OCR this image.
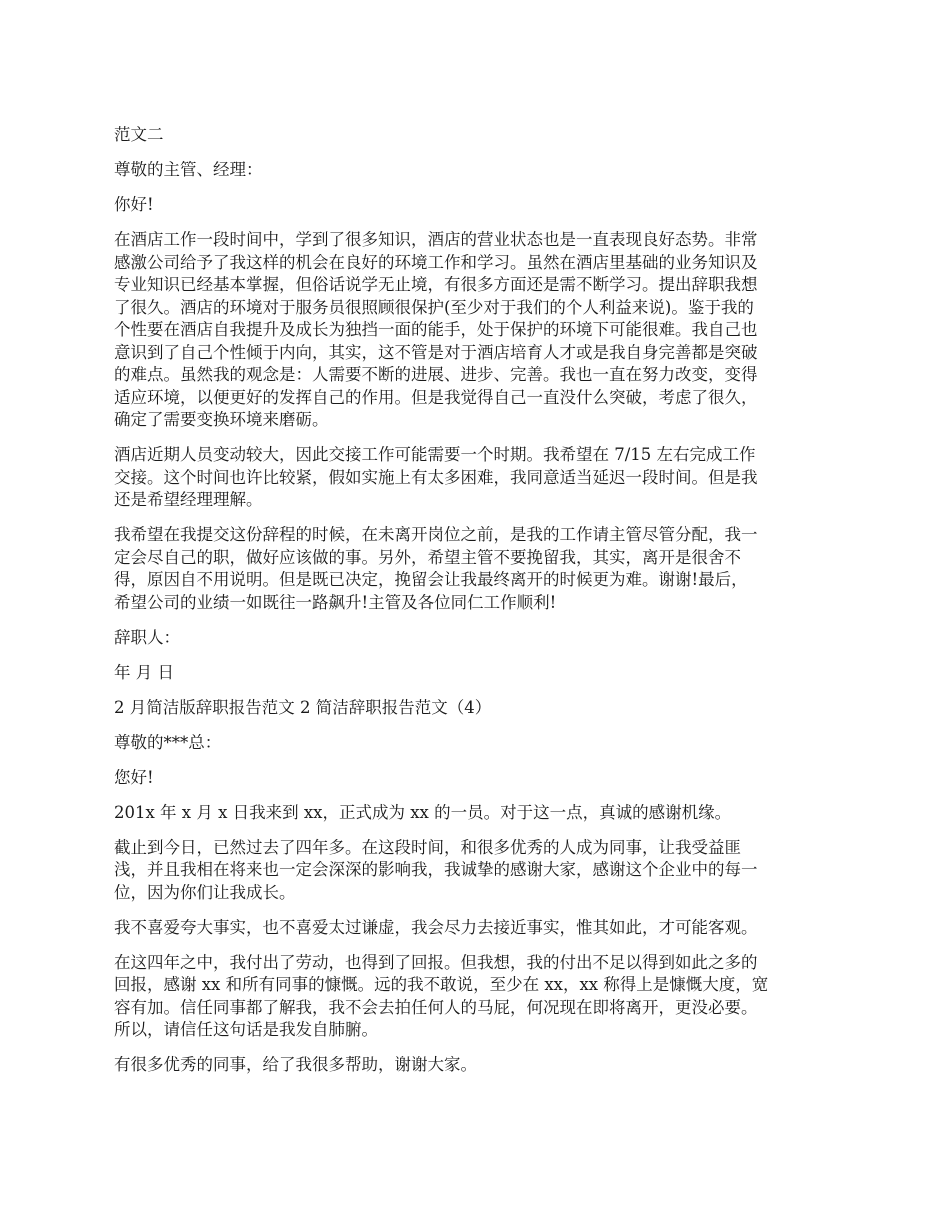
范文二

尊敬的主管、经理：

你好!

在酒店工作一段时间中，学到了很多知识，酒店的营业状态也是一直表现良好态势。非常
感激公司给予了我这样的机会在良好的环境工作和学习。虽然在酒店里基础的业务知识及
专业知识已经基本掌握，但俗话说学无止境，有很多方面还是需不断学习。提出辞职我想
了很久。酒店的环境对于服务员很照顾很保护(至少对于我们的个人利益来说)。鉴于我的
个性要在酒店自我提升及成长为独挡一面的能手，处于保护的环境下可能很难。我自己也
意识到了自己个性倾于内向，其实，这不管是对于酒店培育人才或是我自身完善都是突破
的难点。虽然我的观念是：人需要不断的进展、进步、完善。我也一直在努力改变，变得
适应环境，以便更好的发挥自己的作用。但是我觉得自己一直没什么突破，考虑了很久，
确定了需要变换环境来磨砺。

酒店近期人员变动较大，因此交接工作可能需要一个时期。我希望在 7/15 左右完成工作
交接。这个时间也许比较紧，假如实施上有太多困难，我同意适当延迟一段时间。但是我
还是希望经理理解。

我希望在我提交这份辞程的时候，在未离开岗位之前，是我的工作请主管尽管分配，我一
定会尽自己的职，做好应该做的事。另外，希望主管不要挽留我，其实，离开是很舍不
得，原因自不用说明。但是既已决定，挽留会让我最终离开的时候更为难。谢谢!最后，
希望公司的业绩一如既往一路飙升!主管及各位同仁工作顺利!

辞职人：

年 月 日

2 月简洁版辞职报告范文 2 简洁辞职报告范文（4）

尊敬的***总：

您好!

201x 年 x 月 x 日我来到 xx，正式成为 xx 的一员。对于这一点，真诚的感谢机缘。

截止到今日，已然过去了四年多。在这段时间，和很多优秀的人成为同事，让我受益匪
浅，并且我相在将来也一定会深深的影响我，我诚挚的感谢大家，感谢这个企业中的每一
位，因为你们让我成长。

我不喜爱夸大事实，也不喜爱太过谦虚，我会尽力去接近事实，惟其如此，才可能客观。

在这四年之中，我付出了劳动，也得到了回报。但我想，我的付出不足以得到如此之多的
回报，感谢 xx 和所有同事的慷慨。远的我不敢说，至少在 xx，xx 称得上是慷慨大度，宽
容有加。信任同事都了解我，我不会去拍任何人的马屁，何况现在即将离开，更没必要。
所以，请信任这句话是我发自肺腑。

有很多优秀的同事，给了我很多帮助，谢谢大家。
